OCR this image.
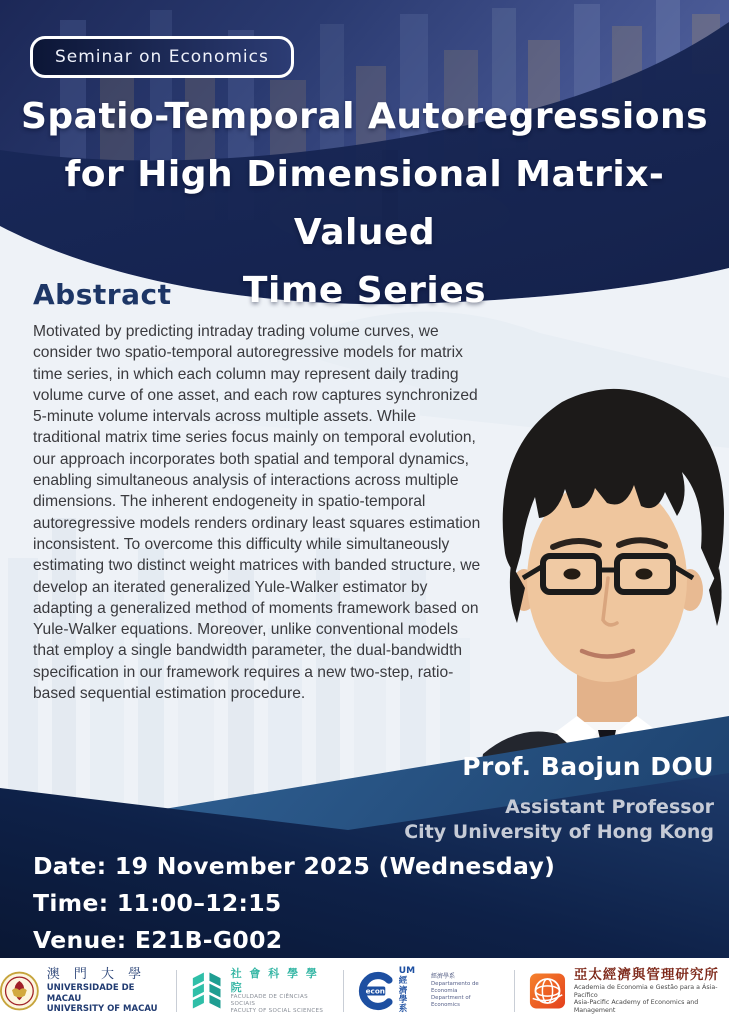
Seminar on Economics
Spatio-Temporal Autoregressions
for High Dimensional Matrix-Valued
Time Series
Abstract
Motivated by predicting intraday trading volume curves, we consider two spatio-temporal autoregressive models for matrix time series, in which each column may represent daily trading volume curve of one asset, and each row captures synchronized 5-minute volume intervals across multiple assets. While traditional matrix time series focus mainly on temporal evolution, our approach incorporates both spatial and temporal dynamics, enabling simultaneous analysis of interactions across multiple dimensions. The inherent endogeneity in spatio-temporal autoregressive models renders ordinary least squares estimation inconsistent. To overcome this difficulty while simultaneously estimating two distinct weight matrices with banded structure, we develop an iterated generalized Yule-Walker estimator by adapting a generalized method of moments framework based on Yule-Walker equations. Moreover, unlike conventional models that employ a single bandwidth parameter, the dual-bandwidth specification in our framework requires a new two-step, ratio-based sequential estimation procedure.
Prof. Baojun DOU
Assistant Professor
City University of Hong Kong
Date: 19 November 2025 (Wednesday)
Time: 11:00–12:15
Venue: E21B-G002
澳 門 大 學
UNIVERSIDADE DE MACAU
UNIVERSITY OF MACAU
社 會 科 學 學 院
FACULDADE DE CIÊNCIAS SOCIAIS
FACULTY OF SOCIAL SCIENCES
econ
UM
經濟
學系
經濟學系
Departamento de Economia
Department of Economics
亞太經濟與管理研究所
Academia de Economia e Gestão para a Ásia-Pacífico
Asia-Pacific Academy of Economics and Management
